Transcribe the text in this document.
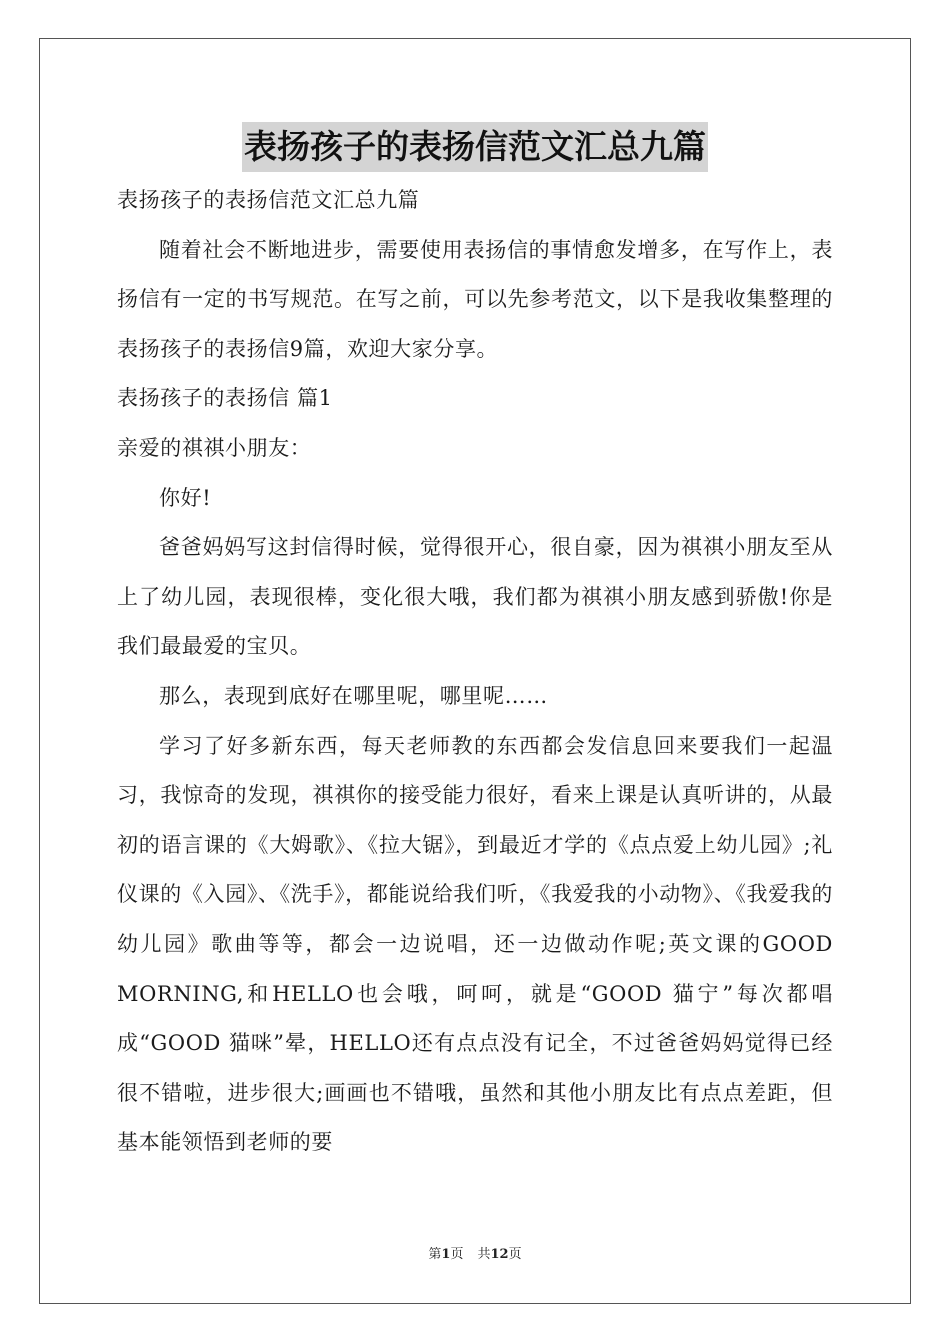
表扬孩子的表扬信范文汇总九篇

表扬孩子的表扬信范文汇总九篇

随着社会不断地进步，需要使用表扬信的事情愈发增多，在写作上，表扬信有一定的书写规范。在写之前，可以先参考范文，以下是我收集整理的表扬孩子的表扬信9篇，欢迎大家分享。

表扬孩子的表扬信 篇1

亲爱的祺祺小朋友：

你好!

爸爸妈妈写这封信得时候，觉得很开心，很自豪，因为祺祺小朋友至从上了幼儿园，表现很棒，变化很大哦，我们都为祺祺小朋友感到骄傲!你是我们最最爱的宝贝。

那么，表现到底好在哪里呢，哪里呢……

学习了好多新东西，每天老师教的东西都会发信息回来要我们一起温习，我惊奇的发现，祺祺你的接受能力很好，看来上课是认真听讲的，从最初的语言课的《大姆歌》、《拉大锯》，到最近才学的《点点爱上幼儿园》;礼仪课的《入园》、《洗手》，都能说给我们听，《我爱我的小动物》、《我爱我的幼儿园》歌曲等等，都会一边说唱，还一边做动作呢;英文课的GOOD MORNING,和HELLO也会哦，呵呵，就是“GOOD 猫宁”每次都唱成“GOOD 猫咪”晕，HELLO还有点点没有记全，不过爸爸妈妈觉得已经很不错啦，进步很大;画画也不错哦，虽然和其他小朋友比有点点差距，但基本能领悟到老师的要

第1页 共12页
